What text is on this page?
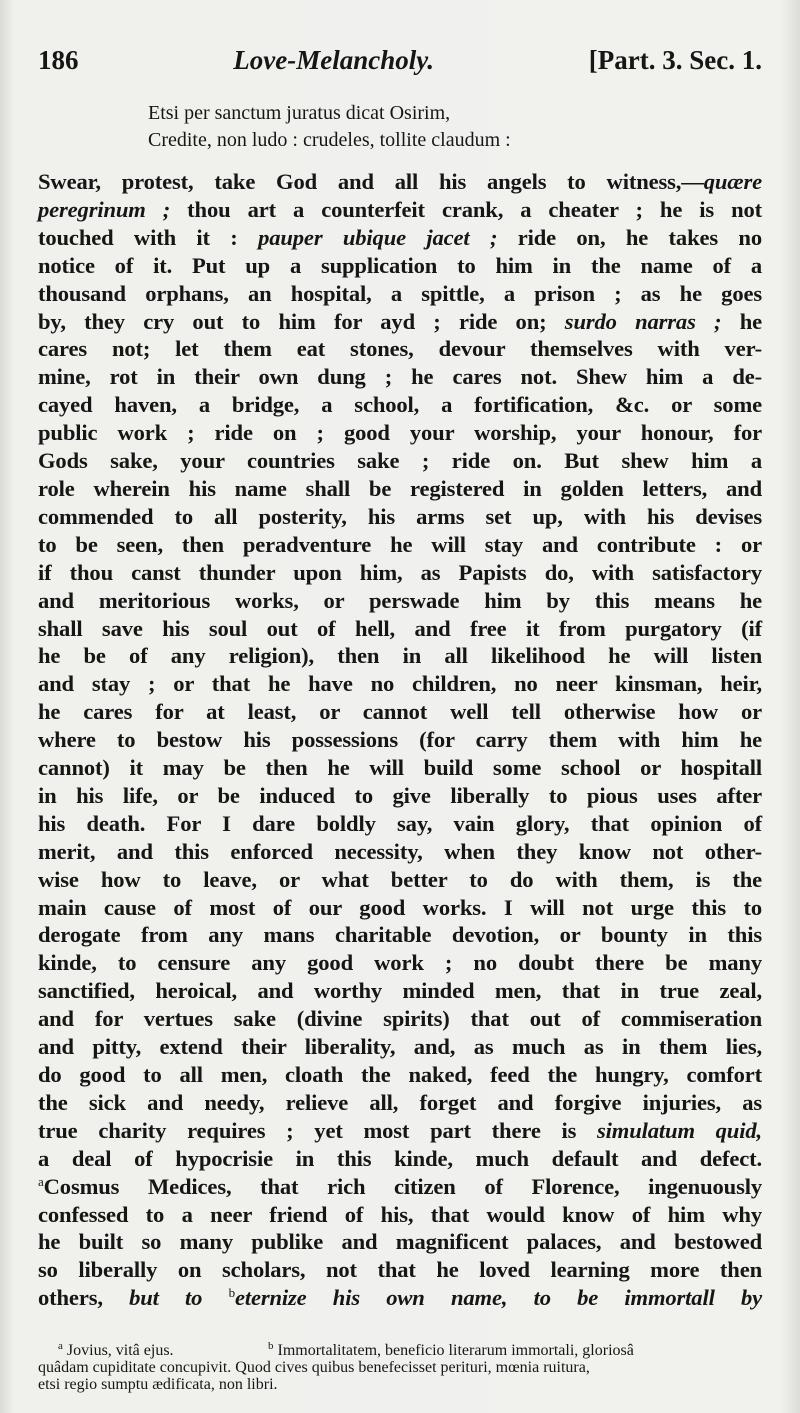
186	Love-Melancholy.	[Part. 3. Sec. 1.
Etsi per sanctum juratus dicat Osirim,
Credite, non ludo : crudeles, tollite claudum :
Swear, protest, take God and all his angels to witness,—quære
peregrinum ; thou art a counterfeit crank, a cheater ; he is not
touched with it : pauper ubique jacet ; ride on, he takes no
notice of it. Put up a supplication to him in the name of a
thousand orphans, an hospital, a spittle, a prison ; as he goes
by, they cry out to him for ayd ; ride on; surdo narras ; he
cares not; let them eat stones, devour themselves with ver-
mine, rot in their own dung ; he cares not. Shew him a de-
cayed haven, a bridge, a school, a fortification, &c. or some
public work ; ride on ; good your worship, your honour, for
Gods sake, your countries sake ; ride on. But shew him a
role wherein his name shall be registered in golden letters, and
commended to all posterity, his arms set up, with his devises
to be seen, then peradventure he will stay and contribute : or
if thou canst thunder upon him, as Papists do, with satisfactory
and meritorious works, or perswade him by this means he
shall save his soul out of hell, and free it from purgatory (if
he be of any religion), then in all likelihood he will listen
and stay ; or that he have no children, no neer kinsman, heir,
he cares for at least, or cannot well tell otherwise how or
where to bestow his possessions (for carry them with him he
cannot) it may be then he will build some school or hospitall
in his life, or be induced to give liberally to pious uses after
his death. For I dare boldly say, vain glory, that opinion of
merit, and this enforced necessity, when they know not other-
wise how to leave, or what better to do with them, is the
main cause of most of our good works. I will not urge this to
derogate from any mans charitable devotion, or bounty in this
kinde, to censure any good work ; no doubt there be many
sanctified, heroical, and worthy minded men, that in true zeal,
and for vertues sake (divine spirits) that out of commiseration
and pitty, extend their liberality, and, as much as in them lies,
do good to all men, cloath the naked, feed the hungry, comfort
the sick and needy, relieve all, forget and forgive injuries, as
true charity requires ; yet most part there is simulatum quid,
a deal of hypocrisie in this kinde, much default and defect.
$^a$Cosmus Medices, that rich citizen of Florence, ingenuously
confessed to a neer friend of his, that would know of him why
he built so many publike and magnificent palaces, and bestowed
so liberally on scholars, not that he loved learning more then
others, but to $^b$eternize his own name, to be immortall by
$^a$ Jovius, vitâ ejus.	$^b$ Immortalitatem, beneficio literarum immortali, gloriosâ
quâdam cupiditate concupivit. Quod cives quibus benefecisset perituri, mœnia ruitura,
etsi regio sumptu ædificata, non libri.
